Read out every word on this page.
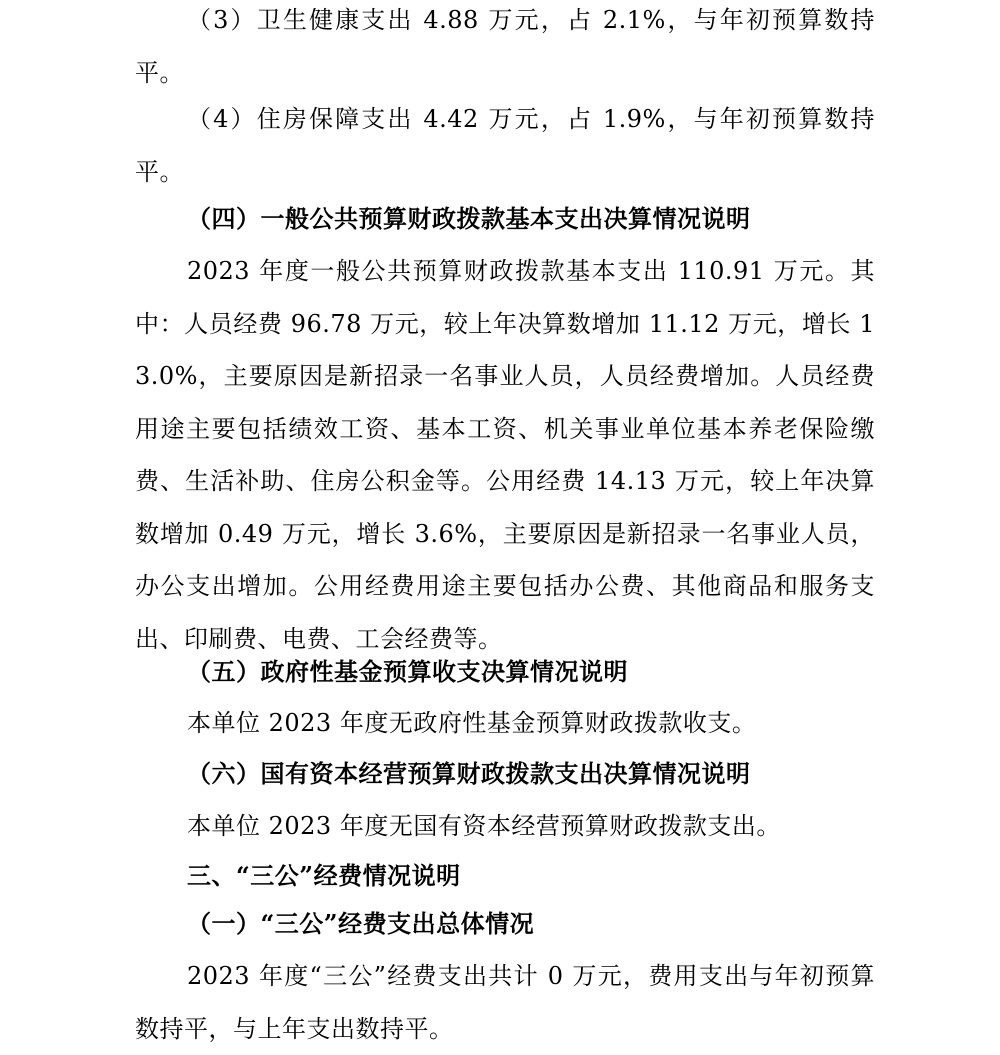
（3）卫生健康支出 4.88 万元，占 2.1%，与年初预算数持平。

（4）住房保障支出 4.42 万元，占 1.9%，与年初预算数持平。

（四）一般公共预算财政拨款基本支出决算情况说明

2023 年度一般公共预算财政拨款基本支出 110.91 万元。其中：人员经费 96.78 万元，较上年决算数增加 11.12 万元，增长 13.0%，主要原因是新招录一名事业人员，人员经费增加。人员经费用途主要包括绩效工资、基本工资、机关事业单位基本养老保险缴费、生活补助、住房公积金等。公用经费 14.13 万元，较上年决算数增加 0.49 万元，增长 3.6%，主要原因是新招录一名事业人员，办公支出增加。公用经费用途主要包括办公费、其他商品和服务支出、印刷费、电费、工会经费等。

（五）政府性基金预算收支决算情况说明

本单位 2023 年度无政府性基金预算财政拨款收支。

（六）国有资本经营预算财政拨款支出决算情况说明

本单位 2023 年度无国有资本经营预算财政拨款支出。

三、“三公”经费情况说明

（一）“三公”经费支出总体情况

2023 年度“三公”经费支出共计 0 万元，费用支出与年初预算数持平，与上年支出数持平。
